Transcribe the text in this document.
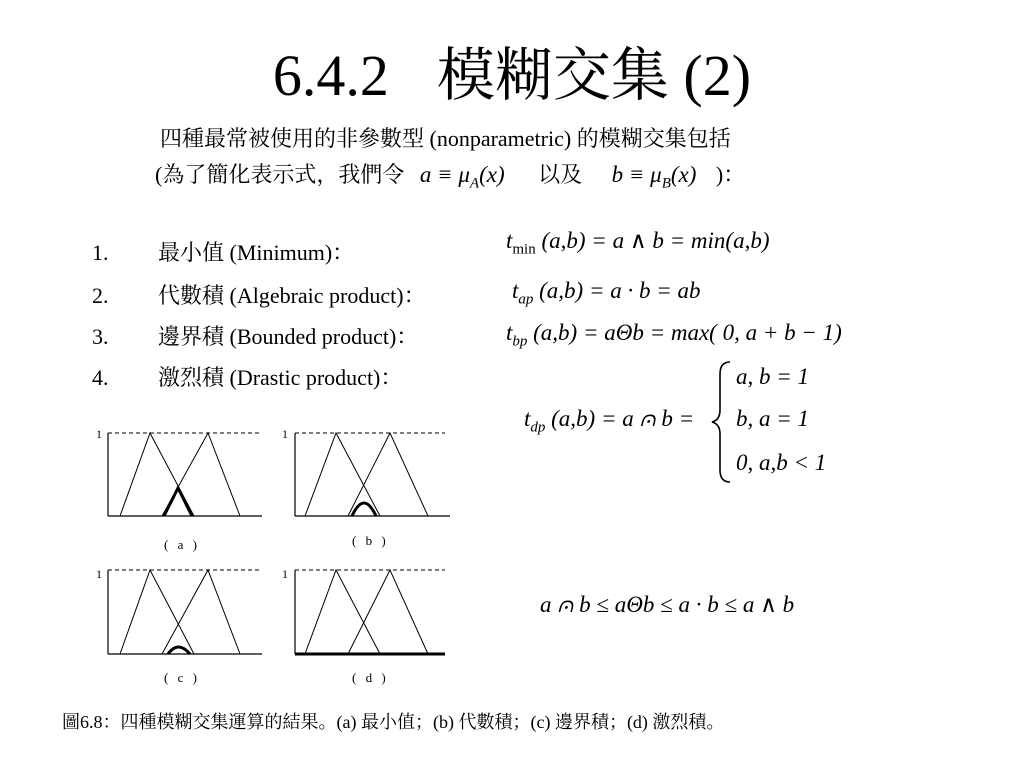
6.4.2 模糊交集 (2)
四種最常被使用的非參數型 (nonparametric) 的模糊交集包括
(為了簡化表示式，我們令 $a \equiv \mu_A(x)$ 以及 $b \equiv \mu_B(x)$ )：
1. 最小值 (Minimum)：
2. 代數積 (Algebraic product)：
3. 邊界積 (Bounded product)：
4. 激烈積 (Drastic product)：
$t_{min}$ (a,b) = a ∧ b = min(a,b)
$t_{ap}$ (a,b) = a · b = ab
$t_{bp}$ (a,b) = aΘb = max( 0, a + b − 1)
$t_{dp}$ (a,b) = a ⩀ b =
a, b = 1
b, a = 1
0, a,b < 1
a ⩀ b ≤ aΘb ≤ a · b ≤ a ∧ b
1
( a )
1
( b )
1
( c )
1
( d )
圖6.8：四種模糊交集運算的結果。(a) 最小值；(b) 代數積；(c) 邊界積；(d) 激烈積。
